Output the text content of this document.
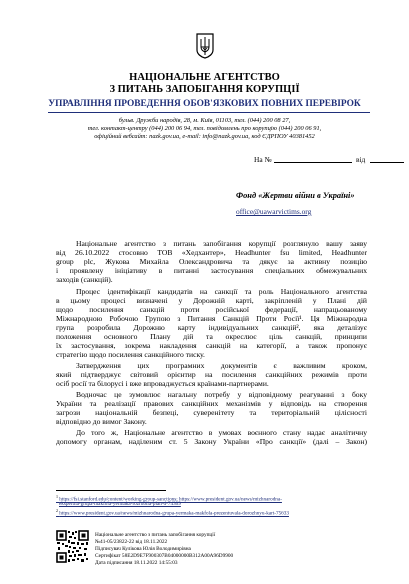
НАЦІОНАЛЬНЕ АГЕНТСТВО
З ПИТАНЬ ЗАПОБІГАННЯ КОРУПЦІЇ
УПРАВЛІННЯ ПРОВЕДЕННЯ ОБОВ'ЯЗКОВИХ ПОВНИХ ПЕРЕВІРОК
бульв. Дружби народів, 28, м. Київ, 01103, тел. (044) 200 08 27,
тел. контакт-центру (044) 200 06 94, тел. повідомлень про корупцію (044) 200 06 91,
офіційний вебсайт: nazk.gov.ua, e-mail: info@nazk.gov.ua, код ЄДРПОУ 40381452
На №	від
Фонд «Жертви війни в Україні»
office@uawarvictims.org
Національне агентство з питань запобігання корупції розглянуло вашу заяву
від 26.10.2022 стосовно ТОВ «Хедхантер», Headhunter fsu limited, Headhunter
group plc, Жукова Михайла Олександровича та дякує за активну позицію
і проявлену ініціативу в питанні застосування спеціальних обмежувальних
заходів (санкцій).
Процес ідентифікації кандидатів на санкції та роль Національного агентства
в цьому процесі визначені у Дорожній карті, закріпленій у Плані дій
щодо посилення санкцій проти російської федерації, напрацьованому
Міжнародною Робочою Групою з Питання Санкцій Проти Росії¹. Ця Міжнародна
група розробила Дорожню карту індивідуальних санкцій², яка деталізує
положення основного Плану дій та окреслює ціль санкцій, принципи
їх застосування, зокрема накладення санкцій на категорії, а також пропонує
стратегію щодо посилення санкційного тиску.
Затвердження цих програмних документів є важливим кроком,
який підтверджує світовий орієнтир на посилення санкційних режимів проти
осіб росії та білорусі і вже впроваджується країнами-партнерами.
Водночас це зумовлює нагальну потребу у відповідному реагуванні з боку
України та реалізації правових санкційних механізмів у відповідь на створення
загрози національній безпеці, суверенітету та територіальній цілісності
відповідно до вимог Закону.
До того ж, Національне агентство в умовах воєнного стану надає аналітичну
допомогу органам, наділеним ст. 5 Закону України «Про санкції» (далі – Закон)
$^1$ https://fsi.stanford.edu/content/working-group-sanctions; https://www.president.gov.ua/news/mizhnarodna-
ekspertna-grupa-makfola-yermaka-rozrobila-plan-d-74309
$^2$ https://www.president.gov.ua/news/mizhnarodna-grupa-yermaka-makfola-prezentuvala-dorozhnyu-kart-75633
Національне агентство з питань запобігання корупції
№41-05/23822-22 від 18.11.2022
Підписувач Кулікова Юлія Володимирівна
Сертифікат 58E2D9E7F900307B04000000B312A00A96D9900
Дата підписання 18.11.2022 14:55:03
